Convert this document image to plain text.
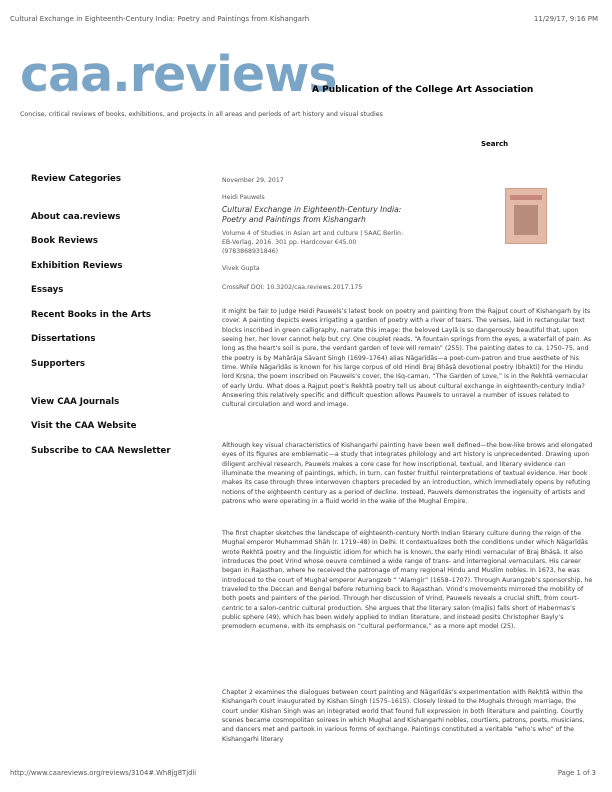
Cultural Exchange in Eighteenth-Century India: Poetry and Paintings from Kishangarh	11/29/17, 9:16 PM
caa.reviews
A Publication of the College Art Association
Concise, critical reviews of books, exhibitions, and projects in all areas and periods of art history and visual studies
Search
Review Categories
About caa.reviews
Book Reviews
Exhibition Reviews
Essays
Recent Books in the Arts
Dissertations
Supporters
View CAA Journals
Visit the CAA Website
Subscribe to CAA Newsletter
November 29, 2017
Heidi Pauwels
Cultural Exchange in Eighteenth-Century India: Poetry and Paintings from Kishangarh
Volume 4 of Studies in Asian art and culture | SAAC Berlin:
EB-Verlag, 2016. 301 pp. Hardcover €45.00
(9783868931846)
Vivek Gupta
CrossRef DOI: 10.3202/caa.reviews.2017.175

It might be fair to judge Heidi Pauwels’s latest book on poetry and painting from the Rajput court of Kishangarh by its cover. A painting depicts ewes irrigating a garden of poetry with a river of tears. The verses, laid in rectangular text blocks inscribed in green calligraphy, narrate this image: the beloved Laylā is so dangerously beautiful that, upon seeing her, her lover cannot help but cry. One couplet reads, “A fountain springs from the eyes, a waterfall of pain. As long as the heart’s soil is pure, the verdant garden of love will remain” (255). The painting dates to ca. 1750–75, and the poetry is by Mahārāja Sāvant Singh (1699–1764) alias Nāgarīdās—a poet-cum-patron and true aesthete of his time. While Nāgarīdās is known for his large corpus of old Hindi Braj Bhāṣā devotional poetry (bhakti) for the Hindu lord Kṛṣṇa, the poem inscribed on Pauwels’s cover, the Iśq-caman, “The Garden of Love,” is in the Rekhtā vernacular of early Urdu. What does a Rajput poet’s Rekhtā poetry tell us about cultural exchange in eighteenth-century India? Answering this relatively specific and difficult question allows Pauwels to unravel a number of issues related to cultural circulation and word and image.

Although key visual characteristics of Kishangarhi painting have been well defined—the bow-like brows and elongated eyes of its figures are emblematic—a study that integrates philology and art history is unprecedented. Drawing upon diligent archival research, Pauwels makes a core case for how inscriptional, textual, and literary evidence can illuminate the meaning of paintings, which, in turn, can foster fruitful reinterpretations of textual evidence. Her book makes its case through three interwoven chapters preceded by an introduction, which immediately opens by refuting notions of the eighteenth century as a period of decline. Instead, Pauwels demonstrates the ingenuity of artists and patrons who were operating in a fluid world in the wake of the Mughal Empire.

The first chapter sketches the landscape of eighteenth-century North Indian literary culture during the reign of the Mughal emperor Muhammad Shāh (r. 1719–48) in Delhi. It contextualizes both the conditions under which Nāgarīdās wrote Rekhtā poetry and the linguistic idiom for which he is known, the early Hindi vernacular of Braj Bhāṣā. It also introduces the poet Vrind whose oeuvre combined a wide range of trans- and interregional vernaculars. His career began in Rajasthan, where he received the patronage of many regional Hindu and Muslim nobles. In 1673, he was introduced to the court of Mughal emperor Aurangzeb “ ‘Alamgir” (1658–1707). Through Aurangzeb’s sponsorship, he traveled to the Deccan and Bengal before returning back to Rajasthan. Vrind’s movements mirrored the mobility of both poets and painters of the period. Through her discussion of Vrind, Pauwels reveals a crucial shift, from court-centric to a salon-centric cultural production. She argues that the literary salon (majlis) falls short of Habermas’s public sphere (49), which has been widely applied to Indian literature, and instead posits Christopher Bayly’s premodern ecumene, with its emphasis on “cultural performance,” as a more apt model (25).

Chapter 2 examines the dialogues between court painting and Nāgarīdās’s experimentation with Rekhtā within the Kishangarh court inaugurated by Kishan Singh (1575–1615). Closely linked to the Mughals through marriage, the court under Kishan Singh was an integrated world that found full expression in both literature and painting. Courtly scenes became cosmopolitan soirees in which Mughal and Kishangarhi nobles, courtiers, patrons, poets, musicians, and dancers met and partook in various forms of exchange. Paintings constituted a veritable “who’s who” of the Kishangarhi literary

http://www.caareviews.org/reviews/3104#.Wh8jg8Tjdli	Page 1 of 3
